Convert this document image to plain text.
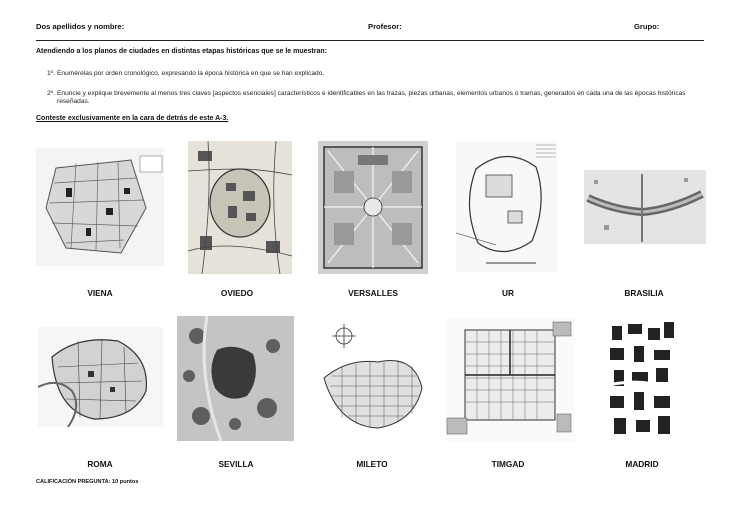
Dos apellidos y nombre:	Profesor:	Grupo:
Atendiendo a los planos de ciudades en distintas etapas históricas que se le muestran:
1º. Enumérelas por orden cronológico, expresando la época histórica en que se han explicado.
2º. Enuncie y explique brevemente al menos tres claves [aspectos esenciales] característicos e identificables en las trazas, piezas urbanas, elementos urbanos o tramas, generados en cada una de las épocas históricas reseñadas.
Conteste exclusivamente en la cara de detrás de este A-3.
VIENA	OVIEDO	VERSALLES	UR	BRASILIA
ROMA	SEVILLA	MILETO	TIMGAD	MADRID
CALIFICACIÓN PREGUNTA: 10 puntos
